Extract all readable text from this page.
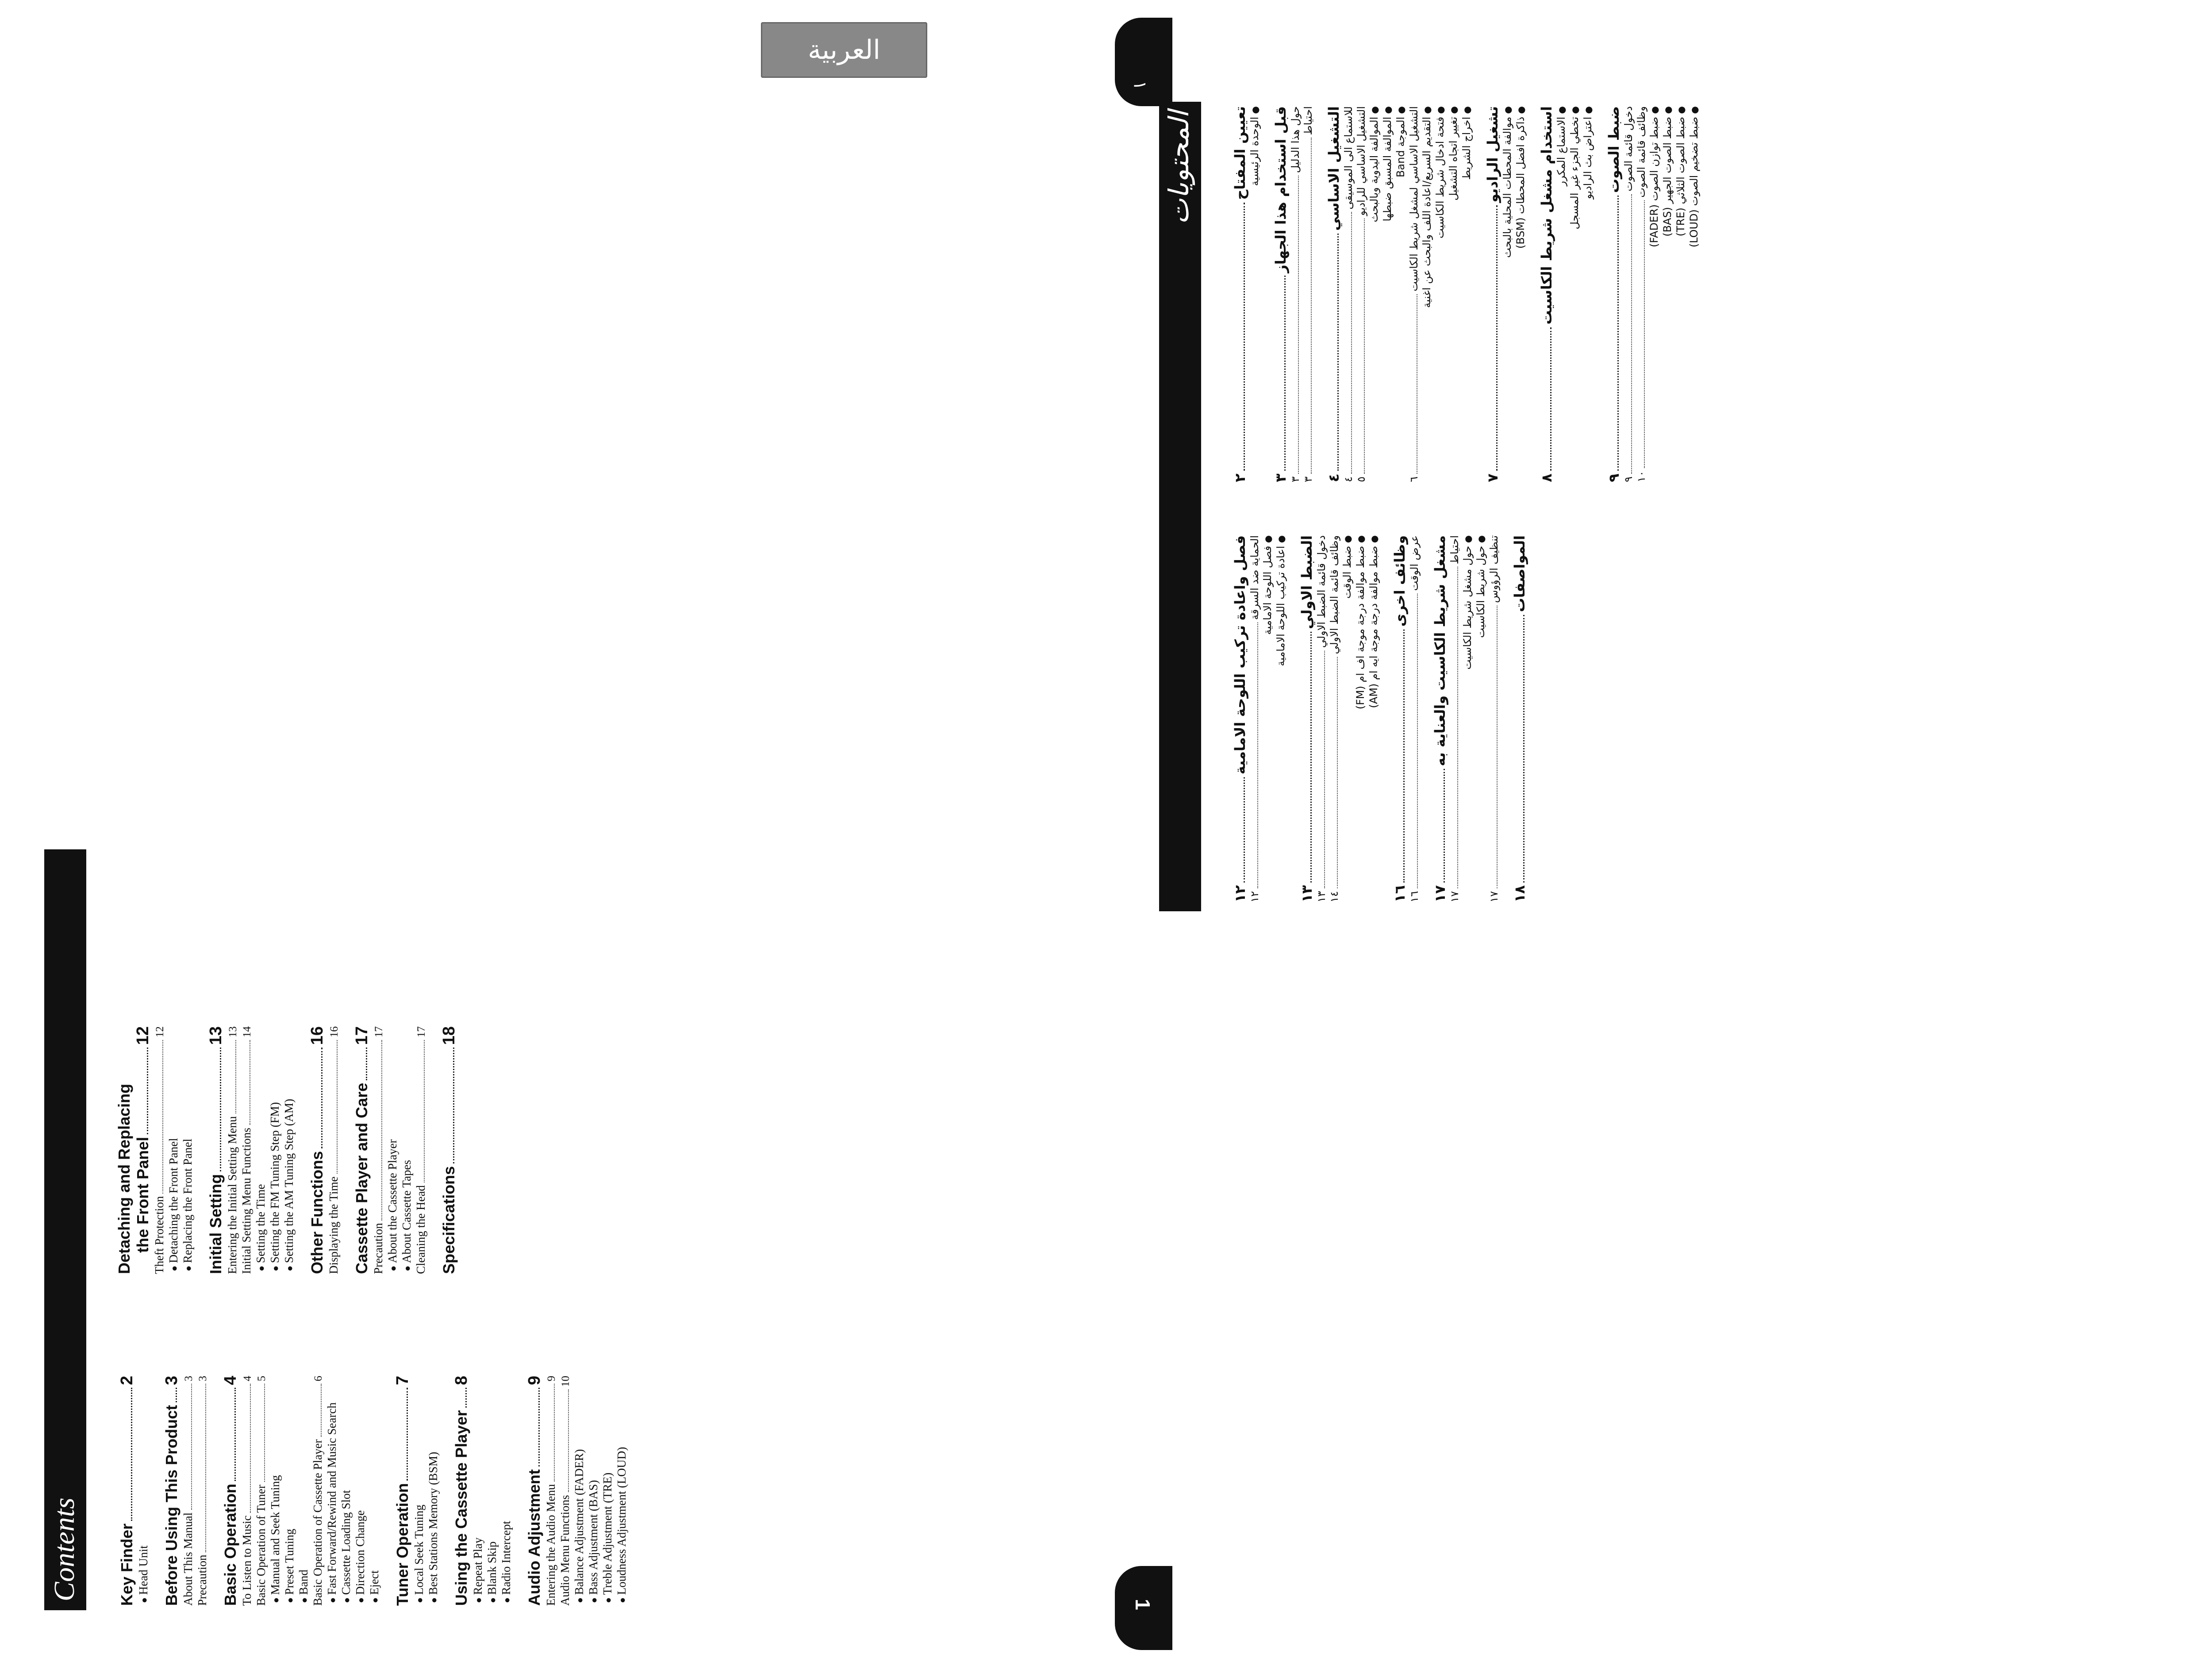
١
1
العربية
Contents Key Finder
2
● Head Unit Before Using This Product
3
About This Manual
3
Precaution
3
Basic Operation
4
To Listen to Music
4
Basic Operation of Tuner
5
● Manual and Seek Tuning ● Preset Tuning ● Band Basic Operation of Cassette Player
6
● Fast Forward/Rewind and Music Search ● Cassette Loading Slot ● Direction Change ● Eject Tuner Operation
7
● Local Seek Tuning ● Best Stations Memory (BSM) Using the Cassette Player
8
● Repeat Play ● Blank Skip ● Radio Intercept Audio Adjustment
9
Entering the Audio Menu
9
Audio Menu Functions
10
● Balance Adjustment (FADER) ● Bass Adjustment (BAS) ● Treble Adjustment (TRE) ● Loudness Adjustment (LOUD)
Detaching and Replacing the Front Panel
12
Theft Protection
12
● Detaching the Front Panel ● Replacing the Front Panel Initial Setting
13
Entering the Initial Setting Menu
13
Initial Setting Menu Functions
14
● Setting the Time ● Setting the FM Tuning Step (FM) ● Setting the AM Tuning Step (AM) Other Functions
16
Displaying the Time
16
Cassette Player and Care
17
Precaution
17
● About the Cassette Player ● About Cassette Tapes Cleaning the Head
17
Specifications
18
المحتويات	تعيين المفتاح
٢
● الوحدة الرئيسية قبل استخدام هذا الجهاز
٣
حول هذا الدليل
٣
احتياط
٣
التشغيل الاساسي
٤
للاستماع الى الموسيقى
٤
التشغيل الاساسي للراديو
٥
● الموالفة اليدوية وبالبحث ● الموالفة المسبق ضبطها ● الموجة Band التشغيل الاساسي لمشغل شريط الكاسيت
٦
● التقديم السريع/اعادة اللف والبحث عن اغنية ● فتحة ادخال شريط الكاسيت ● تغيير اتجاه التشغيل ● اخراج الشريط تشغيل الراديو
٧
● موالفة المحطات المحلية بالبحث ● ذاكرة افضل المحطات (BSM) استخدام مشغل شريط الكاسيت
٨
● الاستماع المكرر ● تخطي الجزء غير المسجل ● اعتراض بث الراديو ضبط الصوت
٩
دخول قائمة الصوت
٩
وظائف قائمة الصوت
١٠
● ضبط توازن الصوت (FADER)
● ضبط الصوت الجهير (BAS)
● ضبط الصوت الثلاثي (TRE)
● ضبط تضخيم الصوت (LOUD)
فصل واعادة تركيب اللوحة الامامية
١٢
الحماية ضد السرقة
١٢
● فصل اللوحة الامامية ● اعادة تركيب اللوحة الامامية الضبط الاولي
١٣
دخول قائمة الضبط الاولي
١٣
وظائف قائمة الضبط الاولي
١٤
● ضبط الوقت
● ضبط موالفة درجة موجة اف ام (FM)
● ضبط موالفة درجة موجة ايه ام (AM) وظائف اخرى
١٦
عرض الوقت
١٦
مشغل شريط الكاسيت والعناية به
١٧
احتياط
١٧
● حول مشغل شريط الكاسيت ● حول شريط الكاسيت تنظيف الرؤوس
١٧
المواصفات
١٨
